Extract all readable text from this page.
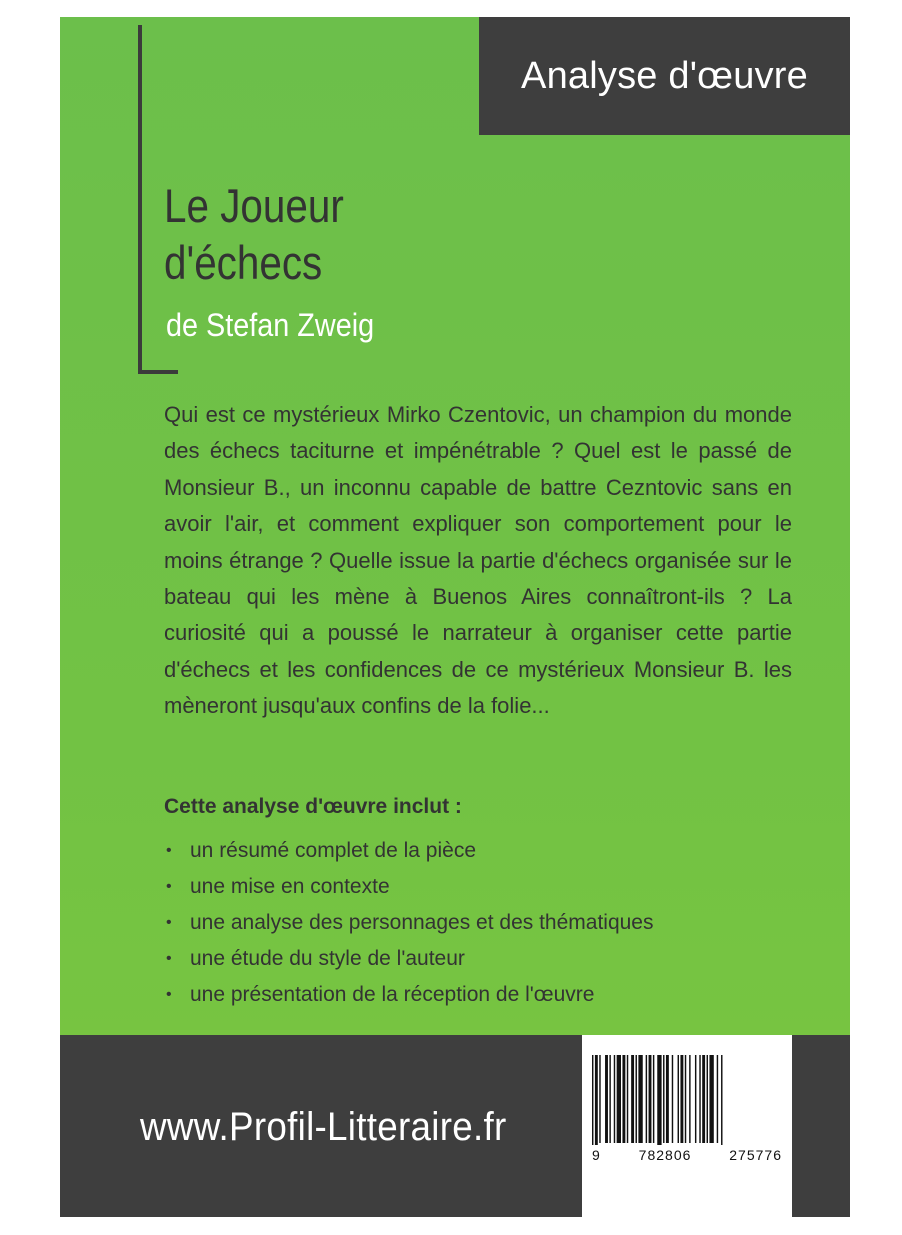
Analyse d'œuvre
Le Joueur
d'échecs
de Stefan Zweig

Qui est ce mystérieux Mirko Czentovic, un champion du monde des échecs taciturne et impénétrable ? Quel est le passé de Monsieur B., un inconnu capable de battre Cezntovic sans en avoir l'air, et comment expliquer son comportement pour le moins étrange ? Quelle issue la partie d'échecs organisée sur le bateau qui les mène à Buenos Aires connaîtront-ils ? La curiosité qui a poussé le narrateur à organiser cette partie d'échecs et les confidences de ce mystérieux Monsieur B. les mèneront jusqu'aux confins de la folie...

Cette analyse d'œuvre inclut :
• un résumé complet de la pièce
• une mise en contexte
• une analyse des personnages et des thématiques
• une étude du style de l'auteur
• une présentation de la réception de l'œuvre
www.Profil-Litteraire.fr
9	782806	275776
